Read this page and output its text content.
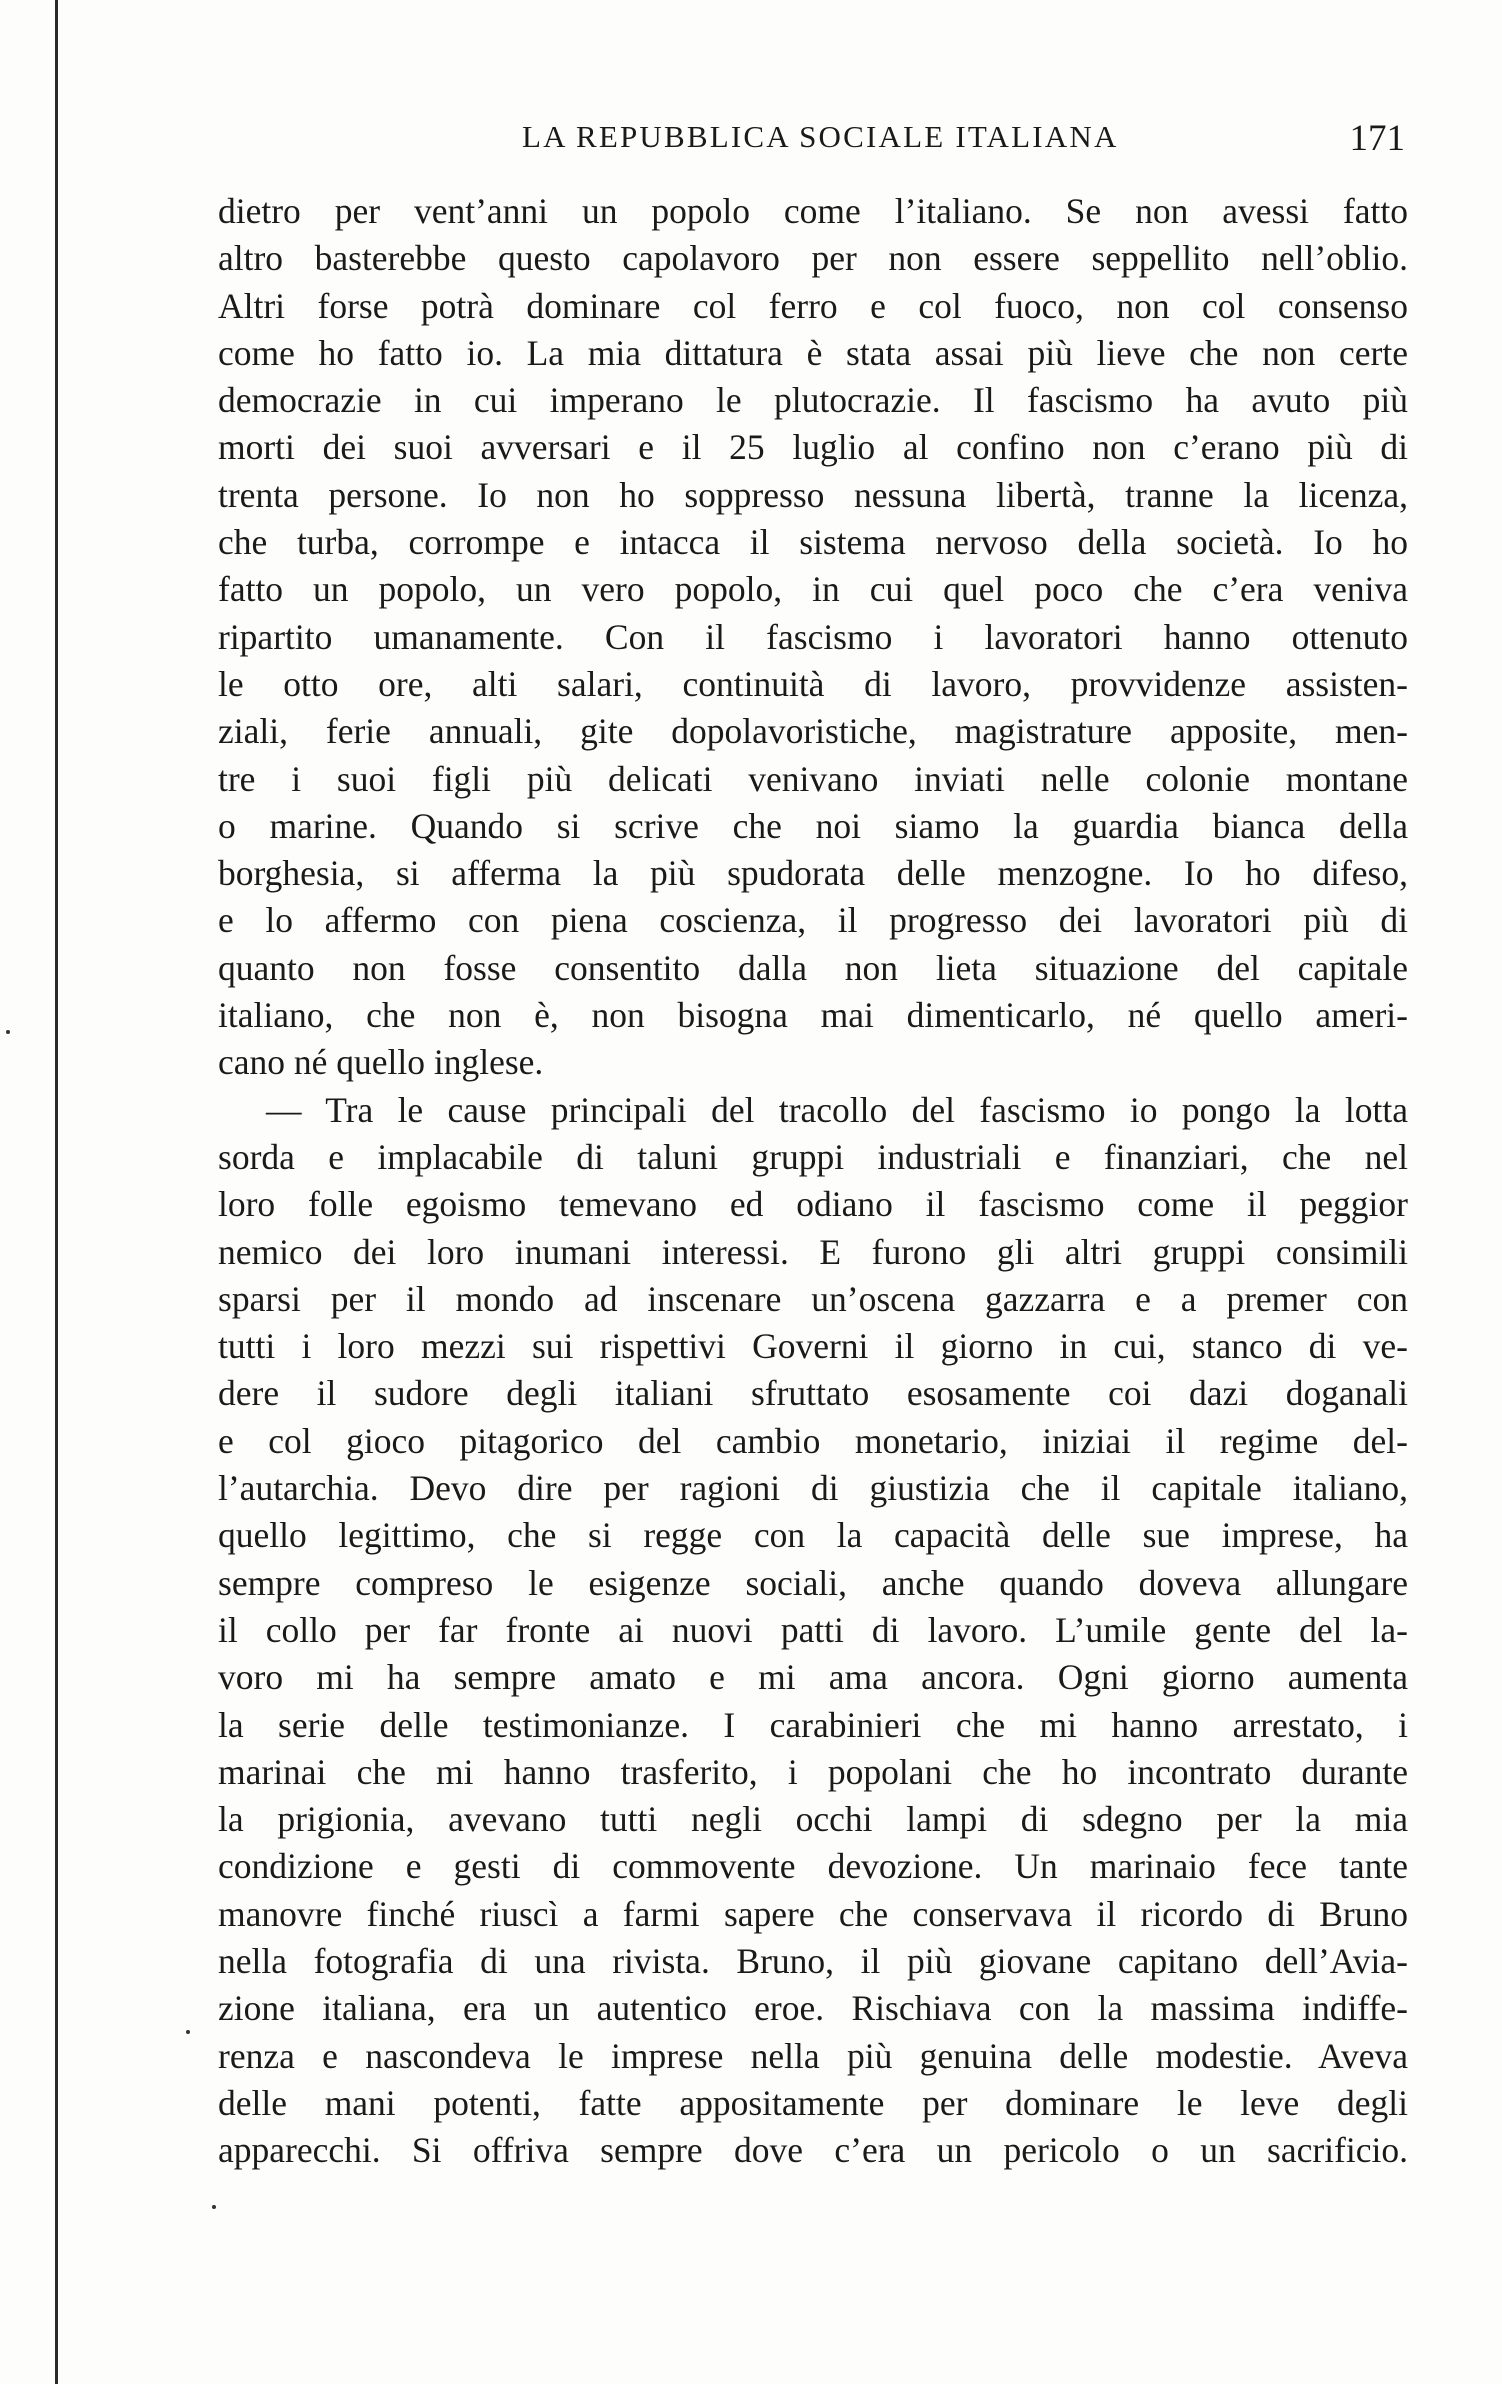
LA REPUBBLICA SOCIALE ITALIANA	171
dietro per vent’anni un popolo come l’italiano. Se non avessi fatto
altro basterebbe questo capolavoro per non essere seppellito nell’oblio.
Altri forse potrà dominare col ferro e col fuoco, non col consenso
come ho fatto io. La mia dittatura è stata assai più lieve che non certe
democrazie in cui imperano le plutocrazie. Il fascismo ha avuto più
morti dei suoi avversari e il 25 luglio al confino non c’erano più di
trenta persone. Io non ho soppresso nessuna libertà, tranne la licenza,
che turba, corrompe e intacca il sistema nervoso della società. Io ho
fatto un popolo, un vero popolo, in cui quel poco che c’era veniva
ripartito umanamente. Con il fascismo i lavoratori hanno ottenuto
le otto ore, alti salari, continuità di lavoro, provvidenze assisten-
ziali, ferie annuali, gite dopolavoristiche, magistrature apposite, men-
tre i suoi figli più delicati venivano inviati nelle colonie montane
o marine. Quando si scrive che noi siamo la guardia bianca della
borghesia, si afferma la più spudorata delle menzogne. Io ho difeso,
e lo affermo con piena coscienza, il progresso dei lavoratori più di
quanto non fosse consentito dalla non lieta situazione del capitale
italiano, che non è, non bisogna mai dimenticarlo, né quello ameri-
cano né quello inglese.
— Tra le cause principali del tracollo del fascismo io pongo la lotta
sorda e implacabile di taluni gruppi industriali e finanziari, che nel
loro folle egoismo temevano ed odiano il fascismo come il peggior
nemico dei loro inumani interessi. E furono gli altri gruppi consimili
sparsi per il mondo ad inscenare un’oscena gazzarra e a premer con
tutti i loro mezzi sui rispettivi Governi il giorno in cui, stanco di ve-
dere il sudore degli italiani sfruttato esosamente coi dazi doganali
e col gioco pitagorico del cambio monetario, iniziai il regime del-
l’autarchia. Devo dire per ragioni di giustizia che il capitale italiano,
quello legittimo, che si regge con la capacità delle sue imprese, ha
sempre compreso le esigenze sociali, anche quando doveva allungare
il collo per far fronte ai nuovi patti di lavoro. L’umile gente del la-
voro mi ha sempre amato e mi ama ancora. Ogni giorno aumenta
la serie delle testimonianze. I carabinieri che mi hanno arrestato, i
marinai che mi hanno trasferito, i popolani che ho incontrato durante
la prigionia, avevano tutti negli occhi lampi di sdegno per la mia
condizione e gesti di commovente devozione. Un marinaio fece tante
manovre finché riuscì a farmi sapere che conservava il ricordo di Bruno
nella fotografia di una rivista. Bruno, il più giovane capitano dell’Avia-
zione italiana, era un autentico eroe. Rischiava con la massima indiffe-
renza e nascondeva le imprese nella più genuina delle modestie. Aveva
delle mani potenti, fatte appositamente per dominare le leve degli
apparecchi. Si offriva sempre dove c’era un pericolo o un sacrificio.
